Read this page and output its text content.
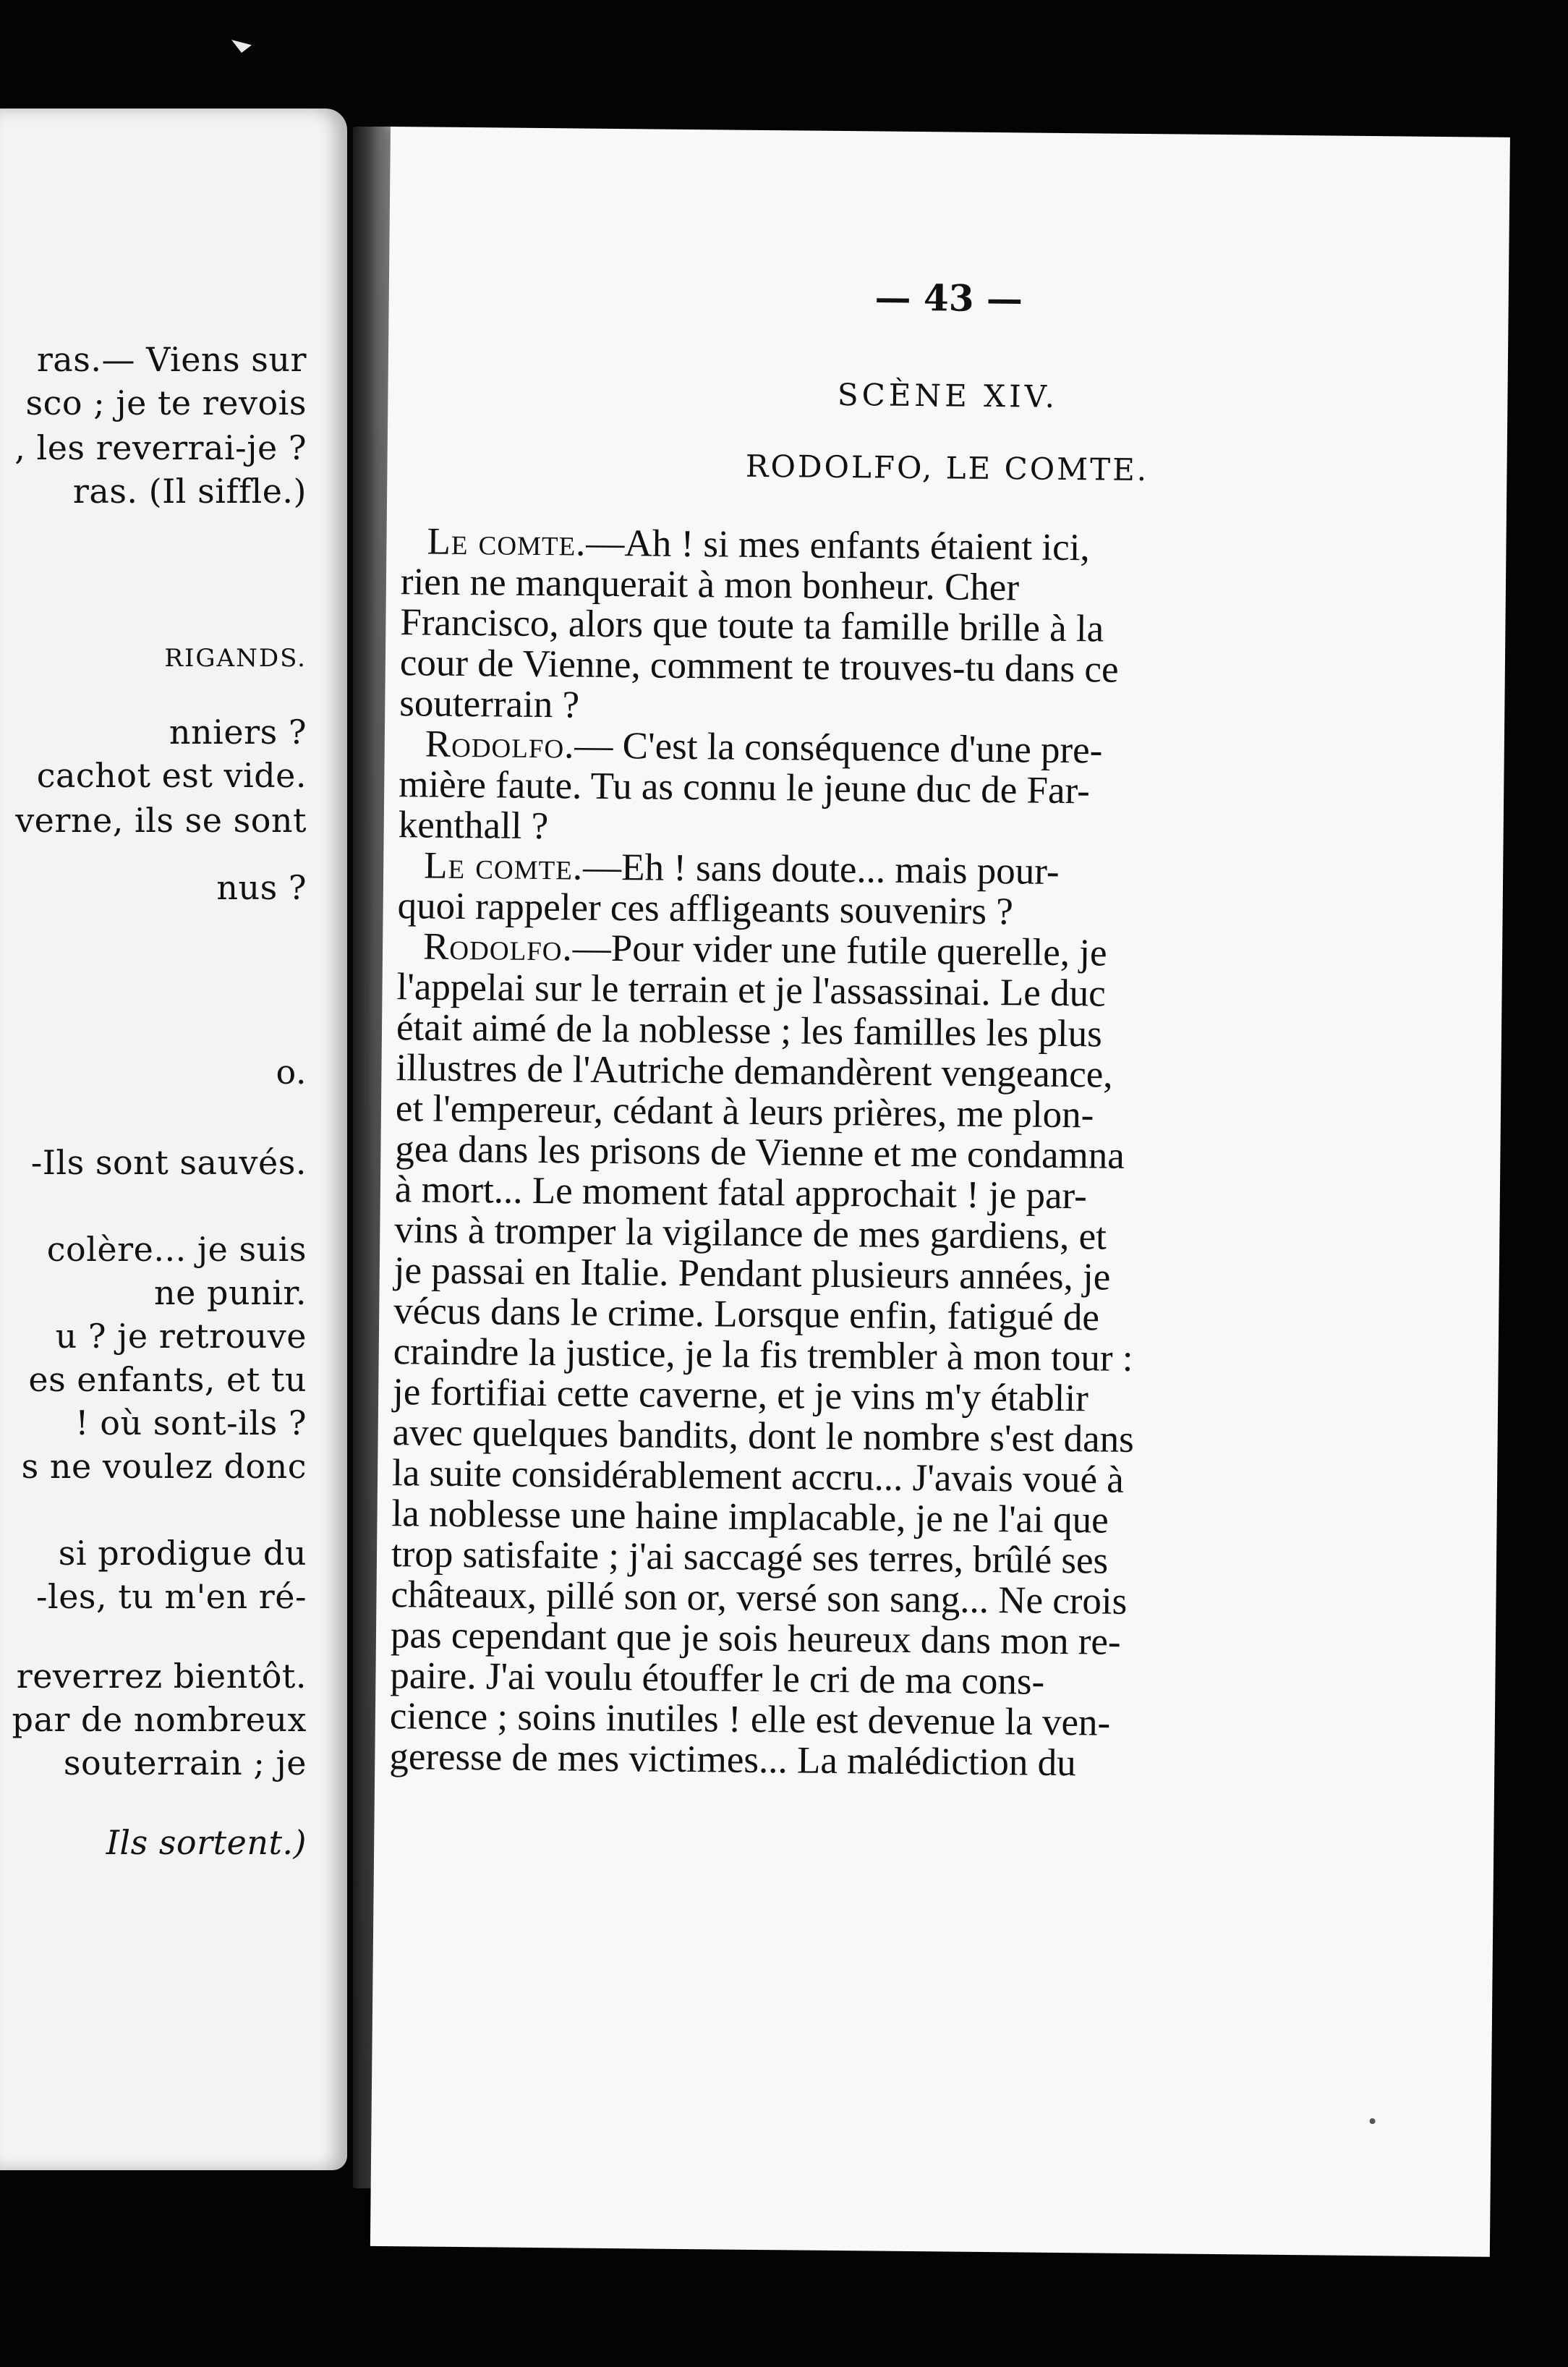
ras.— Viens sur
sco ; je te revois
, les reverrai-je ?
ras. (Il siffle.)
RIGANDS.
nniers ?
cachot est vide.
verne, ils se sont
nus ?
o.
-Ils sont sauvés.
colère... je suis
ne punir.
u ? je retrouve
es enfants, et tu
! où sont-ils ?
s ne voulez donc
si prodigue du
-les, tu m'en ré-
reverrez bientôt.
par de nombreux
souterrain ; je
Ils sortent.)
— 43 —
SCÈNE XIV.
RODOLFO, LE COMTE.
Le comte.—Ah ! si mes enfants étaient ici,
rien ne manquerait à mon bonheur. Cher
Francisco, alors que toute ta famille brille à la
cour de Vienne, comment te trouves-tu dans ce
souterrain ?
Rodolfo.— C'est la conséquence d'une pre-
mière faute. Tu as connu le jeune duc de Far-
kenthall ?
Le comte.—Eh ! sans doute... mais pour-
quoi rappeler ces affligeants souvenirs ?
Rodolfo.—Pour vider une futile querelle, je
l'appelai sur le terrain et je l'assassinai. Le duc
était aimé de la noblesse ; les familles les plus
illustres de l'Autriche demandèrent vengeance,
et l'empereur, cédant à leurs prières, me plon-
gea dans les prisons de Vienne et me condamna
à mort... Le moment fatal approchait ! je par-
vins à tromper la vigilance de mes gardiens, et
je passai en Italie. Pendant plusieurs années, je
vécus dans le crime. Lorsque enfin, fatigué de
craindre la justice, je la fis trembler à mon tour :
je fortifiai cette caverne, et je vins m'y établir
avec quelques bandits, dont le nombre s'est dans
la suite considérablement accru... J'avais voué à
la noblesse une haine implacable, je ne l'ai que
trop satisfaite ; j'ai saccagé ses terres, brûlé ses
châteaux, pillé son or, versé son sang... Ne crois
pas cependant que je sois heureux dans mon re-
paire. J'ai voulu étouffer le cri de ma cons-
cience ; soins inutiles ! elle est devenue la ven-
geresse de mes victimes... La malédiction du
